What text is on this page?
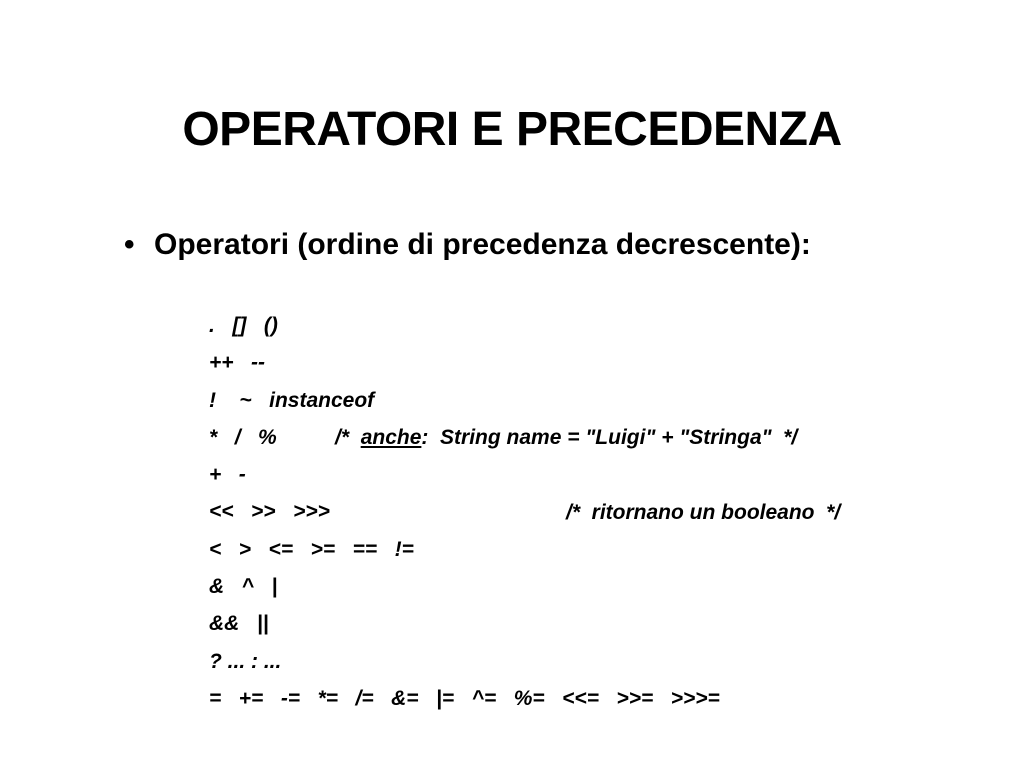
OPERATORI E PRECEDENZA
• Operatori (ordine di precedenza decrescente):

.   []   ()

++   --

!    ~   instanceof

*   /   %

+   -

/*  anche:  String name = "Luigi" + "Stringa"  */

<<   >>   >>>

<   >   <=   >=   ==   !=

/*  ritornano un booleano  */

&   ^   |

&&   ||

? ... : ...

=   +=   -=   *=   /=   &=   |=   ^=   %=   <<=   >>=   >>>=
